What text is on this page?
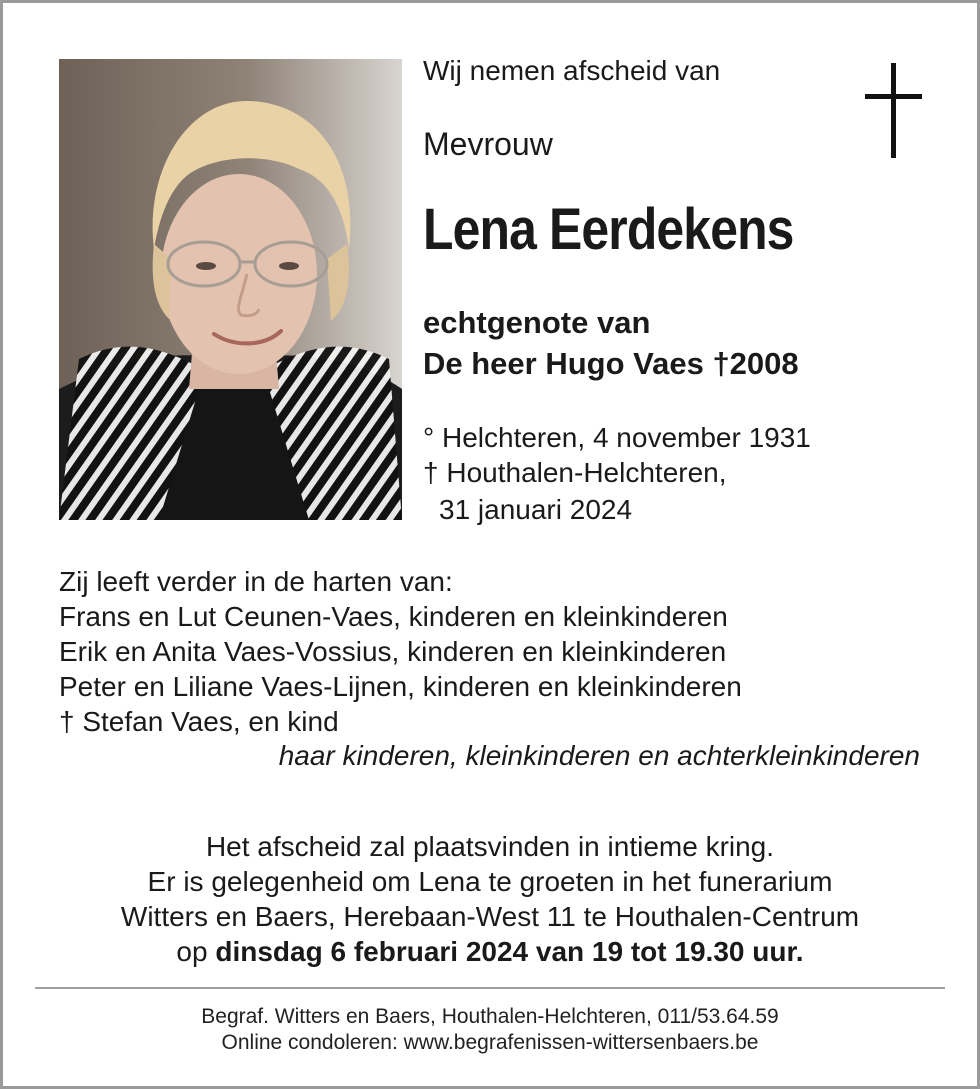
Wij nemen afscheid van

Mevrouw

Lena Eerdekens

echtgenote van

De heer Hugo Vaes †2008

° Helchteren, 4 november 1931

† Houthalen-Helchteren,

31 januari 2024

Zij leeft verder in de harten van:
Frans en Lut Ceunen-Vaes, kinderen en kleinkinderen
Erik en Anita Vaes-Vossius, kinderen en kleinkinderen
Peter en Liliane Vaes-Lijnen, kinderen en kleinkinderen
† Stefan Vaes, en kind
haar kinderen, kleinkinderen en achterkleinkinderen
Het afscheid zal plaatsvinden in intieme kring.
Er is gelegenheid om Lena te groeten in het funerarium
Witters en Baers, Herebaan-West 11 te Houthalen-Centrum
op dinsdag 6 februari 2024 van 19 tot 19.30 uur.
Begraf. Witters en Baers, Houthalen-Helchteren, 011/53.64.59
Online condoleren: www.begrafenissen-wittersenbaers.be
